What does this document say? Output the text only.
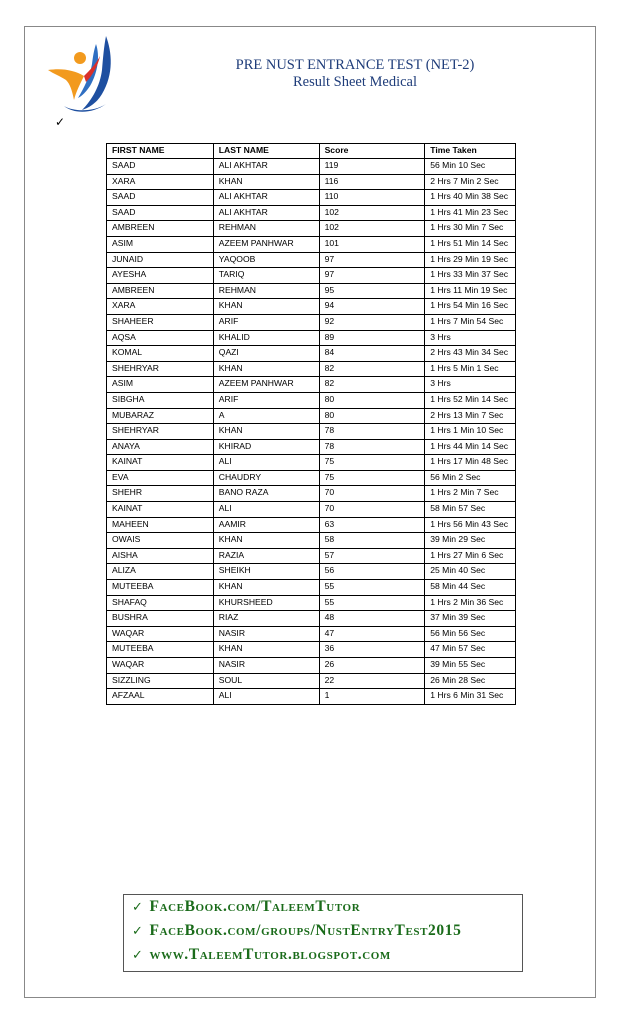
PRE NUST ENTRANCE TEST (NET-2)
Result Sheet Medical
✓
FIRST NAME	LAST NAME	Score	Time Taken
SAAD	ALI AKHTAR	119	56 Min 10 Sec
XARA	KHAN	116	2 Hrs 7 Min 2 Sec
SAAD	ALI AKHTAR	110	1 Hrs 40 Min 38 Sec
SAAD	ALI AKHTAR	102	1 Hrs 41 Min 23 Sec
AMBREEN	REHMAN	102	1 Hrs 30 Min 7 Sec
ASIM	AZEEM PANHWAR	101	1 Hrs 51 Min 14 Sec
JUNAID	YAQOOB	97	1 Hrs 29 Min 19 Sec
AYESHA	TARIQ	97	1 Hrs 33 Min 37 Sec
AMBREEN	REHMAN	95	1 Hrs 11 Min 19 Sec
XARA	KHAN	94	1 Hrs 54 Min 16 Sec
SHAHEER	ARIF	92	1 Hrs 7 Min 54 Sec
AQSA	KHALID	89	3 Hrs
KOMAL	QAZI	84	2 Hrs 43 Min 34 Sec
SHEHRYAR	KHAN	82	1 Hrs 5 Min 1 Sec
ASIM	AZEEM PANHWAR	82	3 Hrs
SIBGHA	ARIF	80	1 Hrs 52 Min 14 Sec
MUBARAZ	A	80	2 Hrs 13 Min 7 Sec
SHEHRYAR	KHAN	78	1 Hrs 1 Min 10 Sec
ANAYA	KHIRAD	78	1 Hrs 44 Min 14 Sec
KAINAT	ALI	75	1 Hrs 17 Min 48 Sec
EVA	CHAUDRY	75	56 Min 2 Sec
SHEHR	BANO RAZA	70	1 Hrs 2 Min 7 Sec
KAINAT	ALI	70	58 Min 57 Sec
MAHEEN	AAMIR	63	1 Hrs 56 Min 43 Sec
OWAIS	KHAN	58	39 Min 29 Sec
AISHA	RAZIA	57	1 Hrs 27 Min 6 Sec
ALIZA	SHEIKH	56	25 Min 40 Sec
MUTEEBA	KHAN	55	58 Min 44 Sec
SHAFAQ	KHURSHEED	55	1 Hrs 2 Min 36 Sec
BUSHRA	RIAZ	48	37 Min 39 Sec
WAQAR	NASIR	47	56 Min 56 Sec
MUTEEBA	KHAN	36	47 Min 57 Sec
WAQAR	NASIR	26	39 Min 55 Sec
SIZZLING	SOUL	22	26 Min 28 Sec
AFZAAL	ALI	1	1 Hrs 6 Min 31 Sec
✓ FaceBook.com/TaleemTutor
✓ FaceBook.com/groups/NustEntryTest2015
✓ www.TaleemTutor.blogspot.com
